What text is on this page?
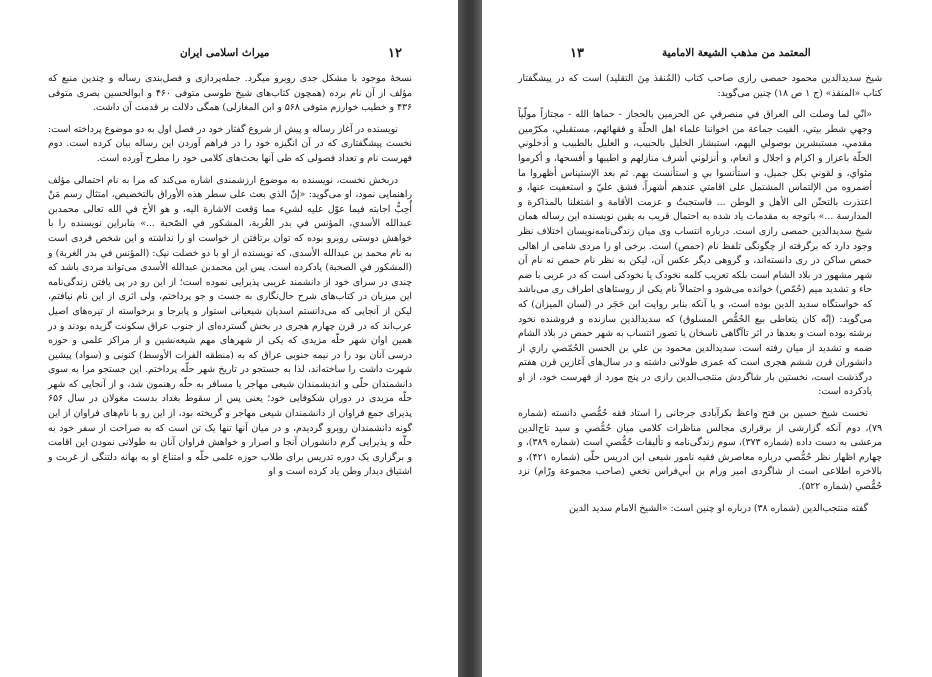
۱۲
میراث اسلامی ایران

نسخهٔ موجود با مشکل جدی روبرو میگرد. جمله‌پردازی و فصل‌بندی رساله و چندین منبع که مؤلف از آن نام برده (همچون کتاب‌های شیخ طوسی متوفی ۴۶۰ و ابوالحسین بصری متوفی ۴۳۶ و خطیب خوارزم متوفی ۵۶۸ و ابن المغازلی) همگی دلالت بر قدمت آن داشت.

نویسنده در آغاز رساله و پیش از شروع گفتار خود در فصل اول به دو موضوع پرداخته است: نخست پیشگفتاری که در آن انگیزه خود را در فراهم آوردن این رساله بیان کرده است. دوم فهرست نام و تعداد فصولی که طی آنها بحث‌های کلامی خود را مطرح آورده است.

دربخش نخست، نویسنده به موضوع ارزشمندی اشاره می‌کند که مرا به نام احتمالی مؤلف راهنمایی نمود، او می‌گوید: «إنّ الذي بعث على سطر هذه الأوراق بالتخصيص، امتثال رسم مَنْ أُحِبُّ اجابته فيما عوّل عليه لشيء مما وَقعت الاشارة اليه، و هو الأخ في الله تعالى محمدبن عبدالله الأسدي، المؤنس في بدر الغُربة، المشكور في الصّحبة ...» بنابراین نویسنده را با خواهش دوستی روبرو بوده که توان برتافتن از خواست او را نداشته و این شخص فردی است به نام محمد بن عبدالله الأسدی، که نویسنده از او با دو خصلت نیک: (المؤنس في بدر الغربة) و (المشكور في الصحبة) یادکرده است. پس این محمدبن عبدالله الأسدی می‌تواند مردی باشد که چندی در سرای خود از دانشمند غریبی پذیرایی نموده است؛ از این رو در پی یافتن زندگی‌نامه این میزبان در کتاب‌های شرح حال‌نگاری به جست و جو پرداختم، ولی اثری از این نام نیافتم، لیکن از آنجایی که می‌دانستم اسدیان شیعیانی استوار و پابرجا و برخواسته از تیره‌های اصیل عرب‌اند که در قرن چهارم هجری در بخش گسترده‌ای از جنوب عراق سکونت گزیده بودند و در همین اوان شهر حلّه مزیدی که یکی از شهرهای مهم شیعه‌نشین و از مراکز علمی و حوزه درسی آنان بود را در نیمه جنوبی عراق که به (منطقه الفرات الأوسط) کنونی و (سواد) پیشین شهرت داشت را ساخته‌اند، لذا به جستجو در تاریخ شهر حلّه پرداختم. این جستجو مرا به سوی دانشمندان حلّی و اندیشمندان شیعی مهاجر یا مسافر به حلّه رهنمون شد، و از آنجایی که شهر حلّه مزیدی در دوران شکوفایی خود؛ یعنی پس از سقوط بغداد بدست مغولان در سال ۶۵۶ پذیرای جمع فراوان از دانشمندان شیعی مهاجر و گریخته بود، از این رو با نام‌های فراوان از این گونه دانشمندان روبرو گردیدم، و در میان آنها تنها یک تن است که به صراحت از سفر خود به حلّه و پذیرایی گرم دانشوران آنجا و اصرار و خواهش فراوان آنان به طولانی نمودن این اقامت و برگزاری یک دوره تدریس برای طلاب حوزه علمی حلّه و امتناع او به بهانه دلتنگی از غربت و اشتیاق دیدار وطن یاد کرده است و او

۱۳	المعتمد من مذهب الشيعة الامامية

شیخ سدیدالدین محمود حمصی رازی صاحب کتاب (المُنقذ مِنَ التقليد) است که در پیشگفتار کتاب «المنقذ» (ج ۱ ص ۱۸) چنین می‌گوید:

«انّي لما وصلت الى العراق في منصرفي عن الحرمين بالحجاز - حماها الله - مجتازاً مولّياً وجهي شطر بيتي، الفيت جماعة من اخواننا علماء اهل الحلّة و فقهائهم، مستقبلي، مكرّمين مقدمي، مستبشرين بوصولي اليهم، استبشار الخليل بالحبيب، و العليل بالطبيب و أدخلوني الحلّة باعزاز و اكرام و اجلال و انعام، و أنزلوني أشرف منازلهم و اطيبها و أفسحها، و أكرموا مثواي، و لقوني بكل جميل، و استأنسوا بي و استأنست بهم. ثم بعد الإستيناس أظهروا ما أضمروه من الإلتماس المشتمل على اقامتي عندهم أشهراً، فشق عليّ و استعفيت عنها، و اعتذرت بالتحنّن الى الأهل و الوطن ... فاستجبتُ و عزمت الأقامة و اشتغلنا بالمذاكرة و المدارسة ...» باتوجه به مقدمات یاد شده به احتمال قریب به یقین نویسنده این رساله همان شیخ سدیدالدین حمصی رازی است. درباره انتساب وی میان زندگی‌نامه‌نویسان اختلاف نظر وجود دارد که برگرفته از چگونگی تلفظ نام (حمص) است. برخی او را مردی شامی از اهالی حمص ساکن در ری دانسته‌اند، و گروهی دیگر عکس آن، لیکن به نظر نام حمص نه نام آن شهر مشهور در بلاد الشام است بلکه تعریب کلمه نخودک یا نخودکی است که در عربی با ضم حاء و تشدید میم (حُمّص) خوانده می‌شود و احتمالاً نام یکی از روستاهای اطراف ری می‌باشد که خواستگاه سدید الدین بوده است، و یا آنکه بنابر روایت ابن حَجَر در (لسان الميزان) که می‌گوید: (إنّه كان يتعاطى بيع الحُمُّص المسلوق) که سدیدالدین سازنده و فروشنده نخود برشته بوده است و بعدها در اثر تاآگاهی ناسخان یا تصور انتساب به شهر حمص در بلاد الشام ضمه و تشدید از میان رفته است. سدیدالدین محمود بن علي بن الحسن الحُمّصي رازي از دانشوران قرن ششم هجری است که عمری طولانی داشته و در سال‌های آغازین قرن هفتم درگذشت است، نخستین بار شاگردش منتجب‌الدین رازی در پنج مورد از فهرست خود، از او یادکرده است:

نخست شیخ حسین بن فتح واعظ بکرآبادی جرجانی را استاد فقه حُمُّصي دانسته (شماره ۷۹)، دوم آنکه گزارشی از برقراری مجالس مناظرات کلامی میان حُمُّصي و سید تاج‌الدین مرعشی به دست داده (شماره ۳۷۳)، سوم زندگی‌نامه و تألیفات حُمُّصي است (شماره ۳۸۹)، و چهارم اظهار نظر حُمُّصي درباره معاصرش فقیه نامور شیعی ابن ادریس حلّی (شماره ۴۲۱)، و بالاخره اطلاعی است از شاگردی امیر ورام بن أبي‌فراس نخعي (صاحب مجموعة ورّام) نزد حُمُّصي (شماره ۵۲۲).

گفته منتجب‌الدین (شماره ۳۸) درباره او چنین است: «الشيخ الامام سدید الدين
